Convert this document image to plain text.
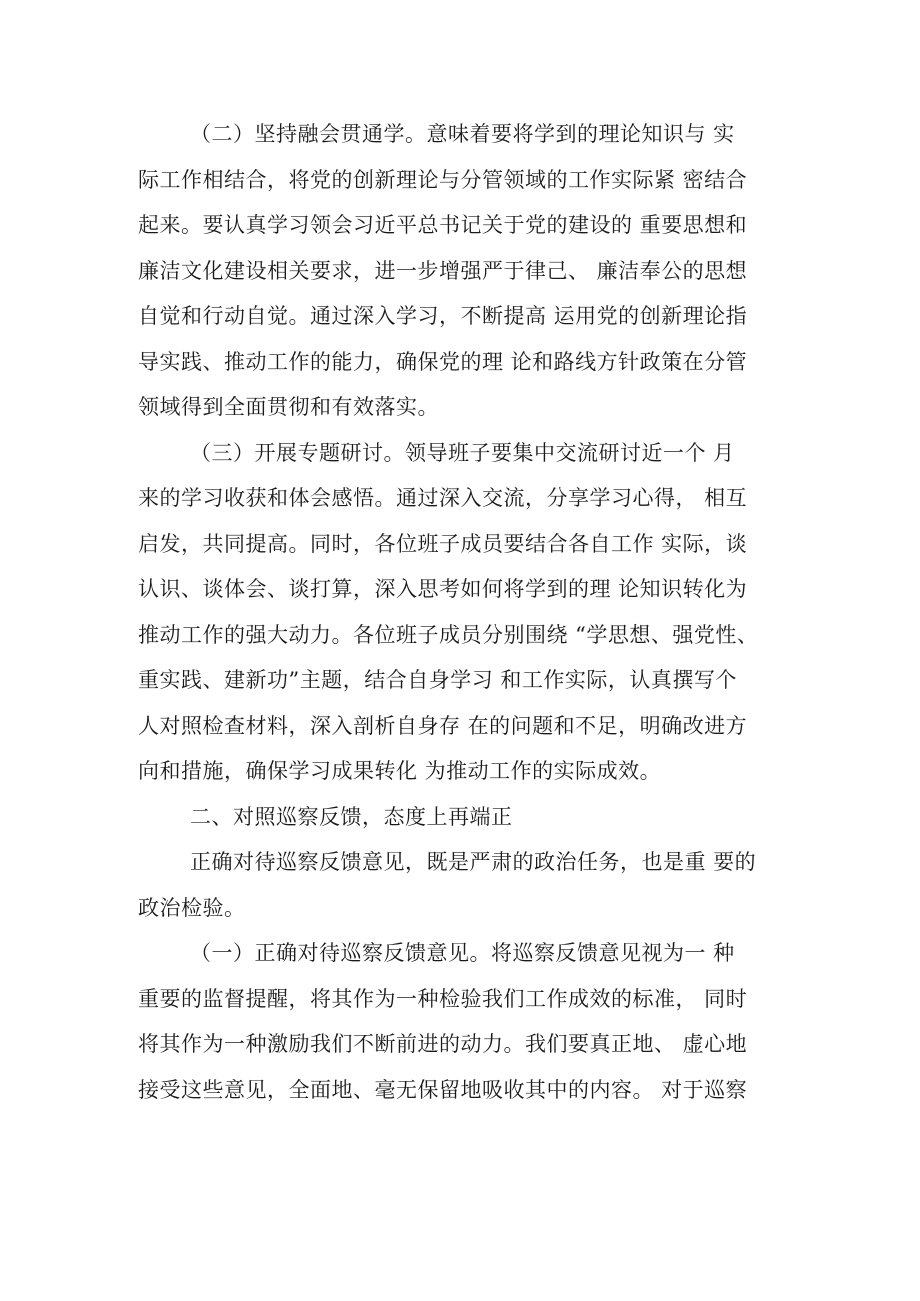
（二）坚持融会贯通学。意味着要将学到的理论知识与 实
际工作相结合，将党的创新理论与分管领域的工作实际紧 密结合
起来。要认真学习领会习近平总书记关于党的建设的 重要思想和
廉洁文化建设相关要求，进一步增强严于律己、 廉洁奉公的思想
自觉和行动自觉。通过深入学习，不断提高 运用党的创新理论指
导实践、推动工作的能力，确保党的理 论和路线方针政策在分管
领域得到全面贯彻和有效落实。

（三）开展专题研讨。领导班子要集中交流研讨近一个 月
来的学习收获和体会感悟。通过深入交流，分享学习心得， 相互
启发，共同提高。同时，各位班子成员要结合各自工作 实际，谈
认识、谈体会、谈打算，深入思考如何将学到的理 论知识转化为
推动工作的强大动力。各位班子成员分别围绕 “学思想、强党性、
重实践、建新功”主题，结合自身学习 和工作实际，认真撰写个
人对照检查材料，深入剖析自身存 在的问题和不足，明确改进方
向和措施，确保学习成果转化 为推动工作的实际成效。

二、对照巡察反馈，态度上再端正

正确对待巡察反馈意见，既是严肃的政治任务，也是重 要的
政治检验。

（一）正确对待巡察反馈意见。将巡察反馈意见视为一 种
重要的监督提醒，将其作为一种检验我们工作成效的标准， 同时
将其作为一种激励我们不断前进的动力。我们要真正地、 虚心地
接受这些意见，全面地、毫无保留地吸收其中的内容。 对于巡察
